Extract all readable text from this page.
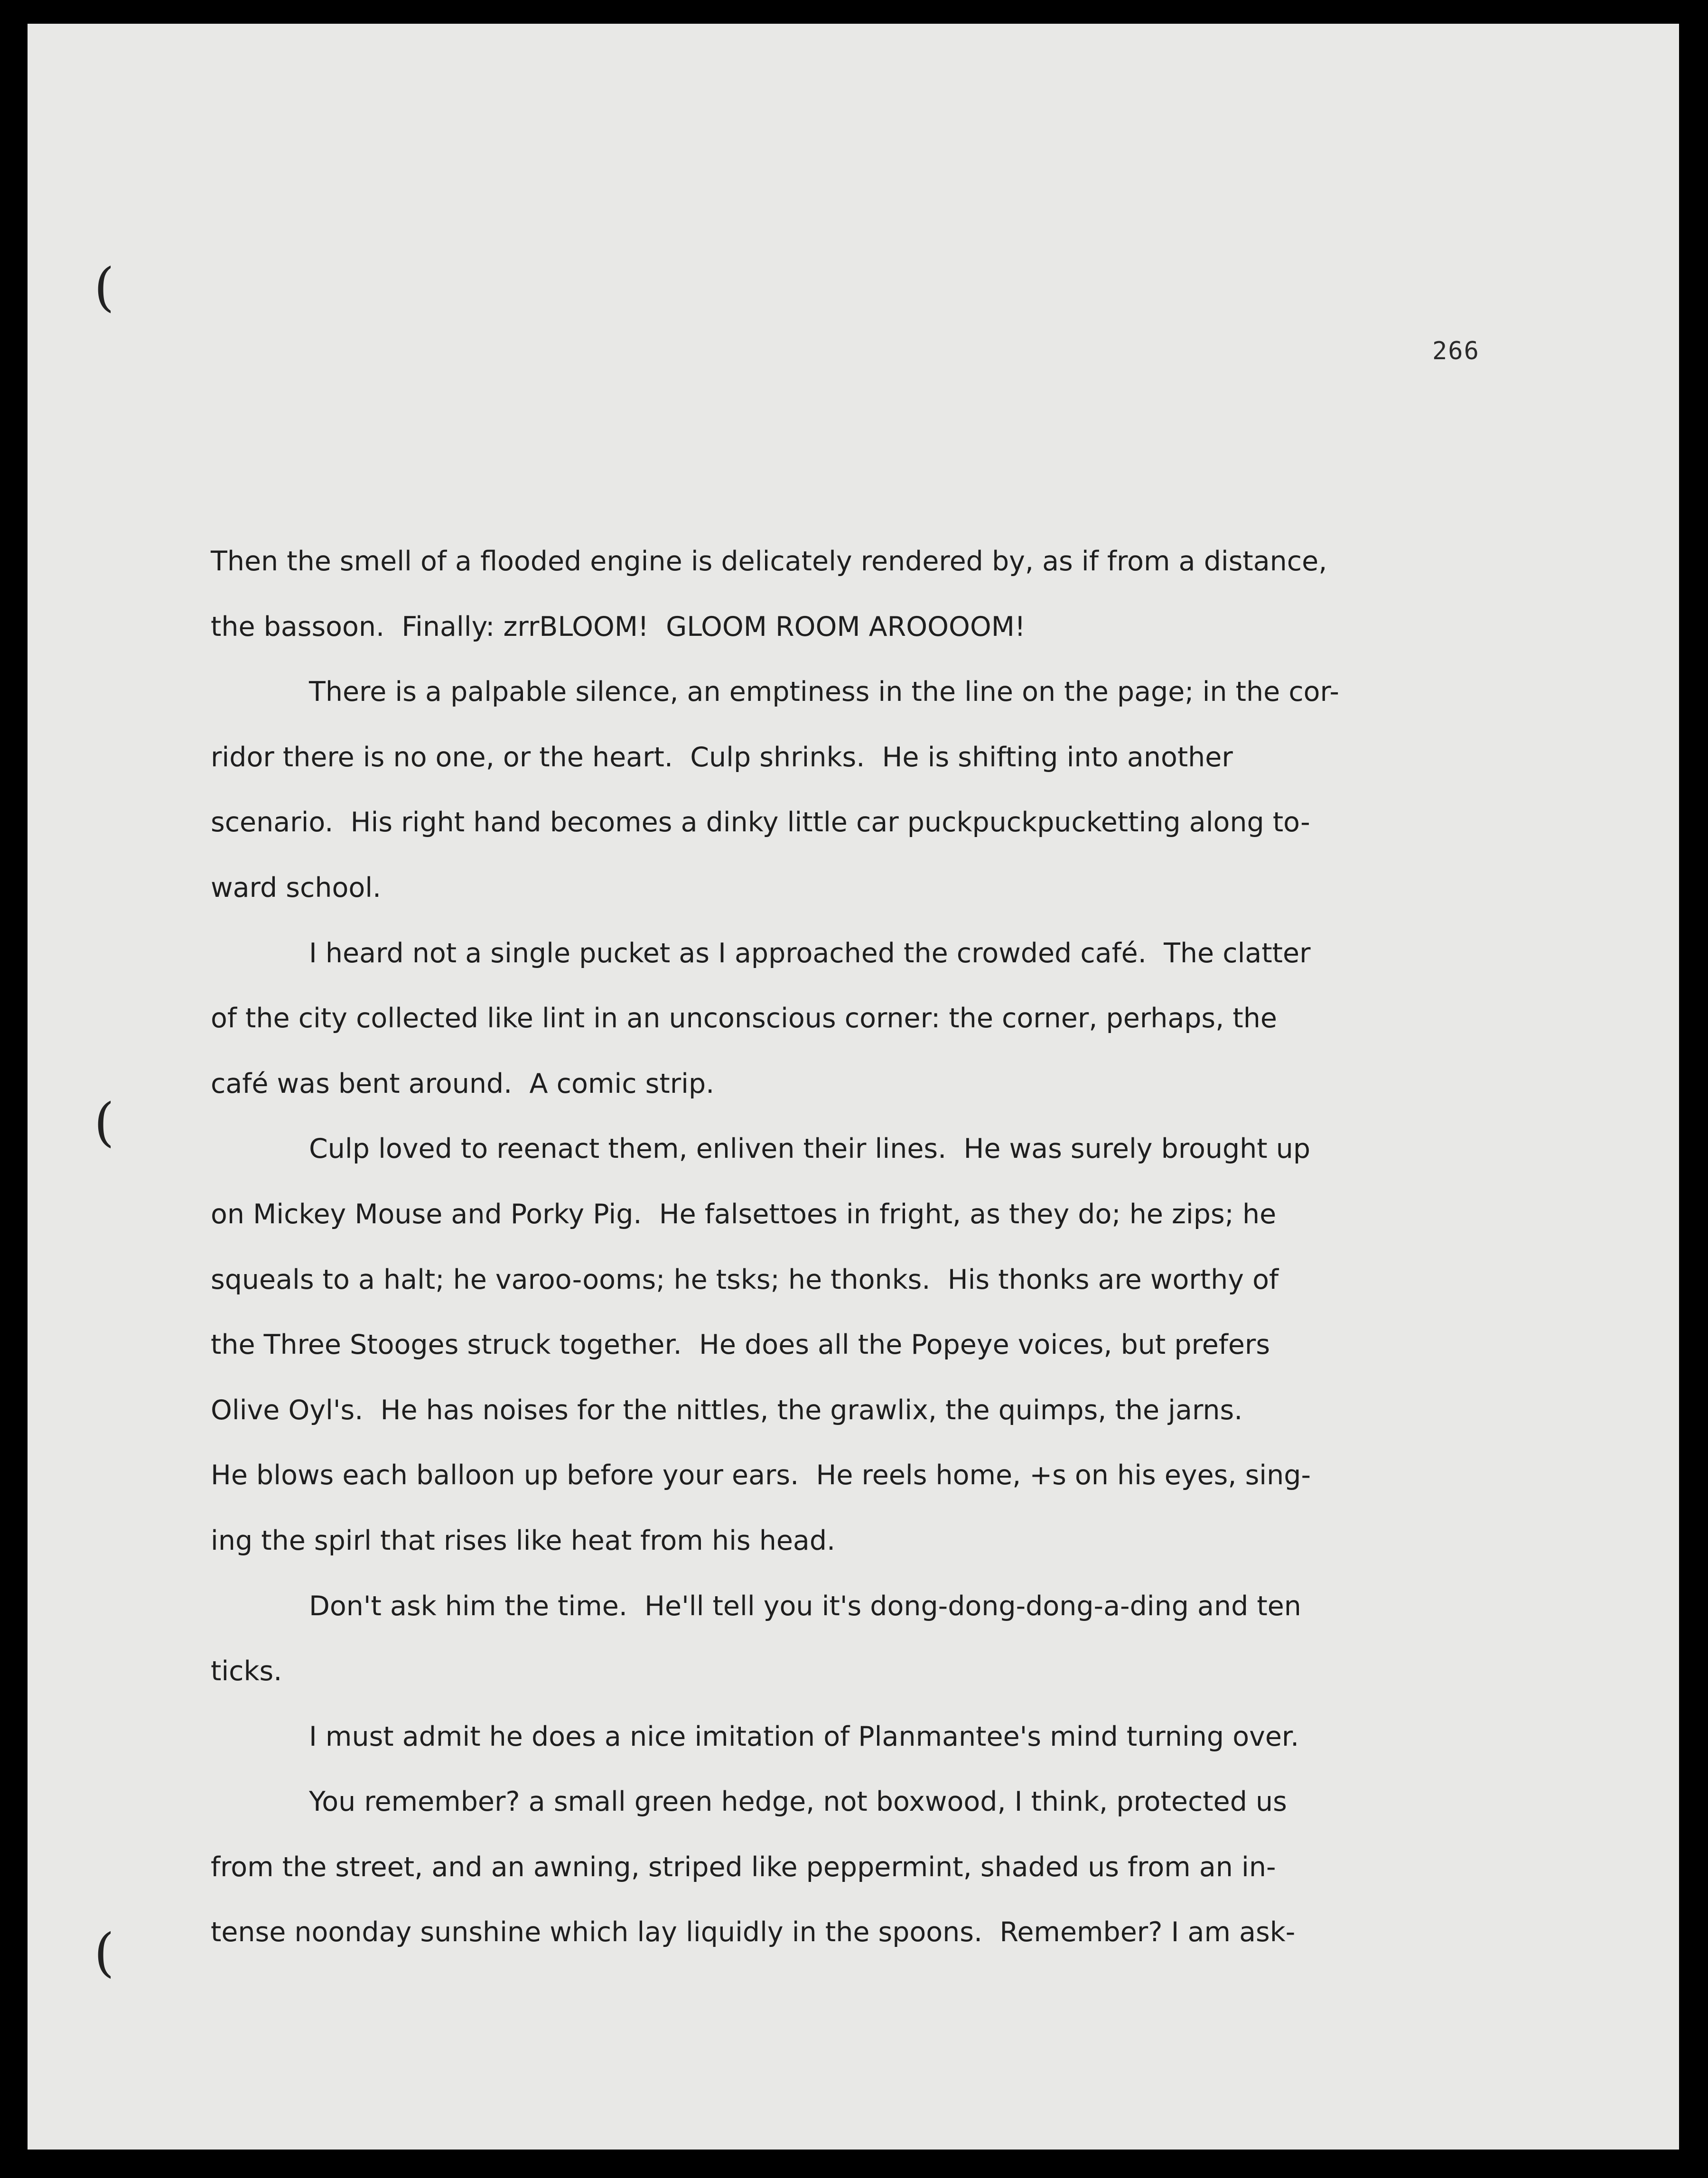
(
(
(
266
Then the smell of a flooded engine is delicately rendered by, as if from a distance,
the bassoon.  Finally: zrrBLOOM!  GLOOM ROOM AROOOOM!
There is a palpable silence, an emptiness in the line on the page; in the cor-
ridor there is no one, or the heart.  Culp shrinks.  He is shifting into another
scenario.  His right hand becomes a dinky little car puckpuckpucketting along to-
ward school.
I heard not a single pucket as I approached the crowded café.  The clatter
of the city collected like lint in an unconscious corner: the corner, perhaps, the
café was bent around.  A comic strip.
Culp loved to reenact them, enliven their lines.  He was surely brought up
on Mickey Mouse and Porky Pig.  He falsettoes in fright, as they do; he zips; he
squeals to a halt; he varoo-ooms; he tsks; he thonks.  His thonks are worthy of
the Three Stooges struck together.  He does all the Popeye voices, but prefers
Olive Oyl's.  He has noises for the nittles, the grawlix, the quimps, the jarns.
He blows each balloon up before your ears.  He reels home, +s on his eyes, sing-
ing the spirl that rises like heat from his head.
Don't ask him the time.  He'll tell you it's dong-dong-dong-a-ding and ten
ticks.
I must admit he does a nice imitation of Planmantee's mind turning over.
You remember? a small green hedge, not boxwood, I think, protected us
from the street, and an awning, striped like peppermint, shaded us from an in-
tense noonday sunshine which lay liquidly in the spoons.  Remember? I am ask-
